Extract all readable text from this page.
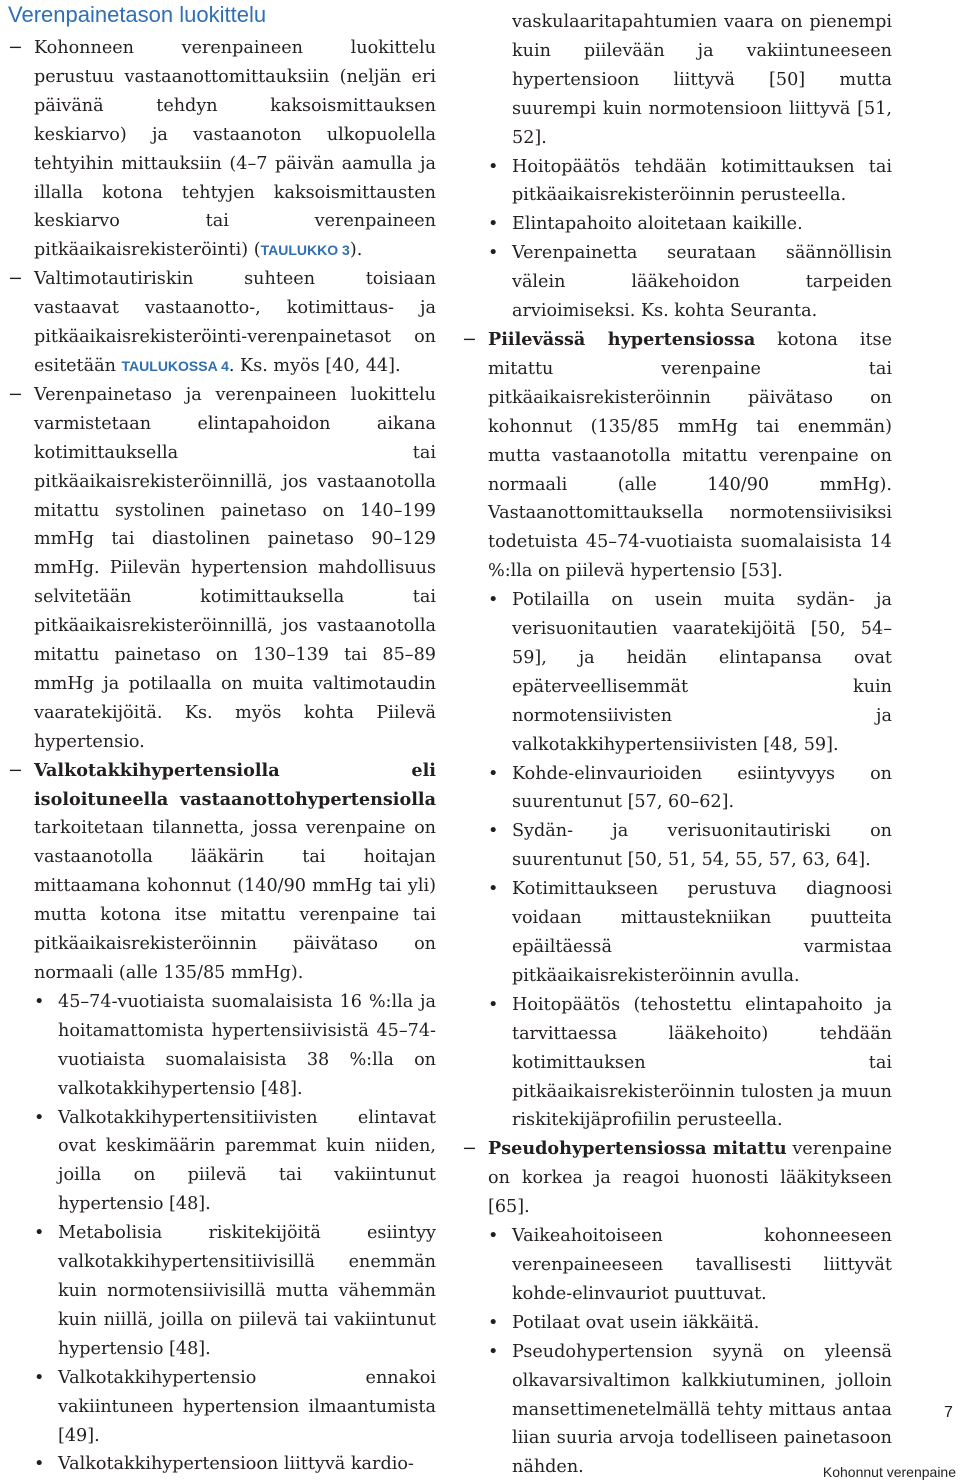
Verenpainetason luokittelu

− Kohonneen verenpaineen luokittelu perustuu vastaanottomittauksiin (neljän eri päivänä tehdyn kaksoismittauksen keskiarvo) ja vastaanoton ulkopuolella tehtyihin mittauksiin (4–7 päivän aamulla ja illalla kotona tehtyjen kaksoismittausten keskiarvo tai verenpaineen pitkäaikaisrekisteröinti) (TAULUKKO 3).

− Valtimotautiriskin suhteen toisiaan vastaavat vastaanotto-, kotimittaus- ja pitkäaikaisrekisteröinti-verenpainetasot on esitetään TAULUKOSSA 4. Ks. myös [40, 44].

− Verenpainetaso ja verenpaineen luokittelu varmistetaan elintapahoidon aikana kotimittauksella tai pitkäaikaisrekisteröinnillä, jos vastaanotolla mitattu systolinen painetaso on 140–199 mmHg tai diastolinen painetaso 90–129 mmHg. Piilevän hypertension mahdollisuus selvitetään kotimittauksella tai pitkäaikaisrekisteröinnillä, jos vastaanotolla mitattu painetaso on 130–139 tai 85–89 mmHg ja potilaalla on muita valtimotaudin vaaratekijöitä. Ks. myös kohta Piilevä hypertensio.

− Valkotakkihypertensiolla eli isoloituneella vastaanottohypertensiolla tarkoitetaan tilannetta, jossa verenpaine on vastaanotolla lääkärin tai hoitajan mittaamana kohonnut (140/90 mmHg tai yli) mutta kotona itse mitattu verenpaine tai pitkäaikaisrekisteröinnin päivätaso on normaali (alle 135/85 mmHg).

• 45–74-vuotiaista suomalaisista 16 %:lla ja hoitamattomista hypertensiivisistä 45–74-vuotiaista suomalaisista 38 %:lla on valkotakkihypertensio [48].

• Valkotakkihypertensitiivisten elintavat ovat keskimäärin paremmat kuin niiden, joilla on piilevä tai vakiintunut hypertensio [48].

• Metabolisia riskitekijöitä esiintyy valkotakkihypertensitiivisillä enemmän kuin normotensiivisillä mutta vähemmän kuin niillä, joilla on piilevä tai vakiintunut hypertensio [48].

• Valkotakkihypertensio ennakoi vakiintuneen hypertension ilmaantumista [49].

• Valkotakkihypertensioon liittyvä kardio-

vaskulaaritapahtumien vaara on pienempi kuin piilevään ja vakiintuneeseen hypertensioon liittyvä [50] mutta suurempi kuin normotensioon liittyvä [51, 52].

• Hoitopäätös tehdään kotimittauksen tai pitkäaikaisrekisteröinnin perusteella.

• Elintapahoito aloitetaan kaikille.

• Verenpainetta seurataan säännöllisin välein lääkehoidon tarpeiden arvioimiseksi. Ks. kohta Seuranta.

− Piilevässä hypertensiossa kotona itse mitattu verenpaine tai pitkäaikaisrekisteröinnin päivätaso on kohonnut (135/85 mmHg tai enemmän) mutta vastaanotolla mitattu verenpaine on normaali (alle 140/90 mmHg). Vastaanottomittauksella normotensiivisiksi todetuista 45–74-vuotiaista suomalaisista 14 %:lla on piilevä hypertensio [53].

• Potilailla on usein muita sydän- ja verisuonitautien vaaratekijöitä [50, 54–59], ja heidän elintapansa ovat epäterveellisemmät kuin normotensiivisten ja valkotakkihypertensiivisten [48, 59].

• Kohde-elinvaurioiden esiintyvyys on suurentunut [57, 60–62].

• Sydän- ja verisuonitautiriski on suurentunut [50, 51, 54, 55, 57, 63, 64].

• Kotimittaukseen perustuva diagnoosi voidaan mittaustekniikan puutteita epäiltäessä varmistaa pitkäaikaisrekisteröinnin avulla.

• Hoitopäätös (tehostettu elintapahoito ja tarvittaessa lääkehoito) tehdään kotimittauksen tai pitkäaikaisrekisteröinnin tulosten ja muun riskitekijäprofiilin perusteella.

− Pseudohypertensiossa mitattu verenpaine on korkea ja reagoi huonosti lääkitykseen [65].

• Vaikeahoitoiseen kohonneeseen verenpaineeseen tavallisesti liittyvät kohde-elinvauriot puuttuvat.

• Potilaat ovat usein iäkkäitä.

• Pseudohypertension syynä on yleensä olkavarsivaltimon kalkkiutuminen, jolloin mansettimenetelmällä tehty mittaus antaa liian suuria arvoja todelliseen painetasoon nähden.

7
Kohonnut verenpaine
